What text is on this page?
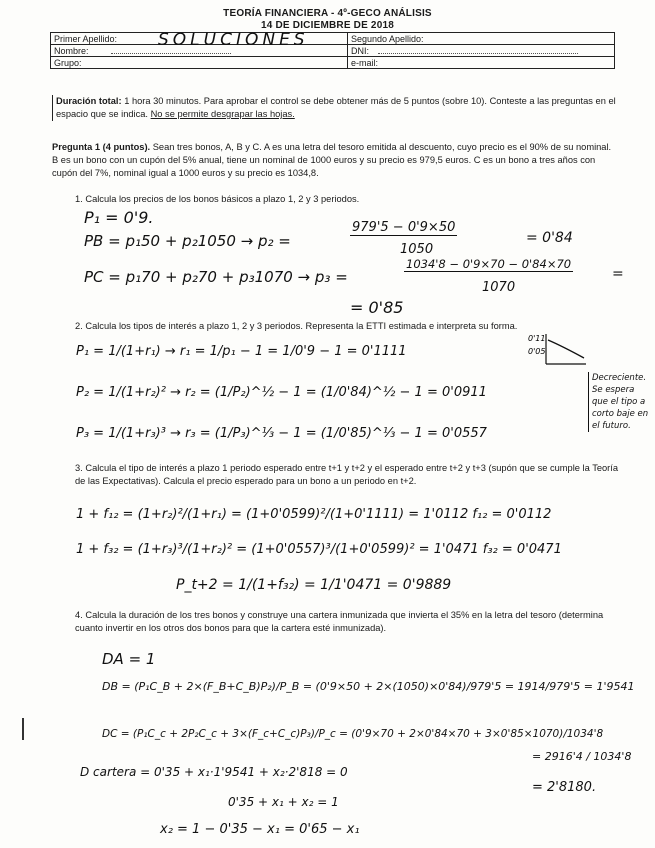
TEORÍA FINANCIERA - 4º-GECO ANÁLISIS
14 DE DICIEMBRE DE 2018
Primer Apellido:	Segundo Apellido:
Nombre:	DNI:
Grupo:	e-mail:
SOLUCIONES
Duración total: 1 hora 30 minutos. Para aprobar el control se debe obtener más de 5 puntos (sobre 10). Conteste a las preguntas en el espacio que se indica. No se permite desgrapar las hojas.
Pregunta 1 (4 puntos). Sean tres bonos, A, B y C. A es una letra del tesoro emitida al descuento, cuyo precio es el 90% de su nominal. B es un bono con un cupón del 5% anual, tiene un nominal de 1000 euros y su precio es 979,5 euros. C es un bono a tres años con cupón del 7%, nominal igual a 1000 euros y su precio es 1034,8.
1. Calcula los precios de los bonos básicos a plazo 1, 2 y 3 periodos.
P₁ = 0'9.
PB = p₁50 + p₂1050 → p₂ =
979'5 − 0'9×50
1050
= 0'84
PC = p₁70 + p₂70 + p₃1070 → p₃ =
1034'8 − 0'9×70 − 0'84×70
1070
=
= 0'85
2. Calcula los tipos de interés a plazo 1, 2 y 3 periodos. Representa la ETTI estimada e interpreta su forma.
P₁ = 1/(1+r₁) → r₁ = 1/p₁ − 1 = 1/0'9 − 1 = 0'1111
P₂ = 1/(1+r₂)² → r₂ = (1/P₂)^½ − 1 = (1/0'84)^½ − 1 = 0'0911
P₃ = 1/(1+r₃)³ → r₃ = (1/P₃)^⅓ − 1 = (1/0'85)^⅓ − 1 = 0'0557
0'11
0'05
Decreciente. Se espera que el tipo a corto baje en el futuro.
3. Calcula el tipo de interés a plazo 1 periodo esperado entre t+1 y t+2 y el esperado entre t+2 y t+3 (supón que se cumple la Teoría de las Expectativas). Calcula el precio esperado para un bono a un periodo en t+2.
1 + f₁₂ = (1+r₂)²/(1+r₁) = (1+0'0599)²/(1+0'1111) = 1'0112 f₁₂ = 0'0112
1 + f₃₂ = (1+r₃)³/(1+r₂)² = (1+0'0557)³/(1+0'0599)² = 1'0471 f₃₂ = 0'0471
P_t+2 = 1/(1+f₃₂) = 1/1'0471 = 0'9889
4. Calcula la duración de los tres bonos y construye una cartera inmunizada que invierta el 35% en la letra del tesoro (determina cuanto invertir en los otros dos bonos para que la cartera esté inmunizada).
DA = 1
DB = (P₁C_B + 2×(F_B+C_B)P₂)/P_B = (0'9×50 + 2×(1050)×0'84)/979'5 = 1914/979'5 = 1'9541
DC = (P₁C_c + 2P₂C_c + 3×(F_c+C_c)P₃)/P_c = (0'9×70 + 2×0'84×70 + 3×0'85×1070)/1034'8
= 2916'4 / 1034'8
= 2'8180.
D cartera = 0'35 + x₁·1'9541 + x₂·2'818 = 0
0'35 + x₁ + x₂ = 1
x₂ = 1 − 0'35 − x₁ = 0'65 − x₁
